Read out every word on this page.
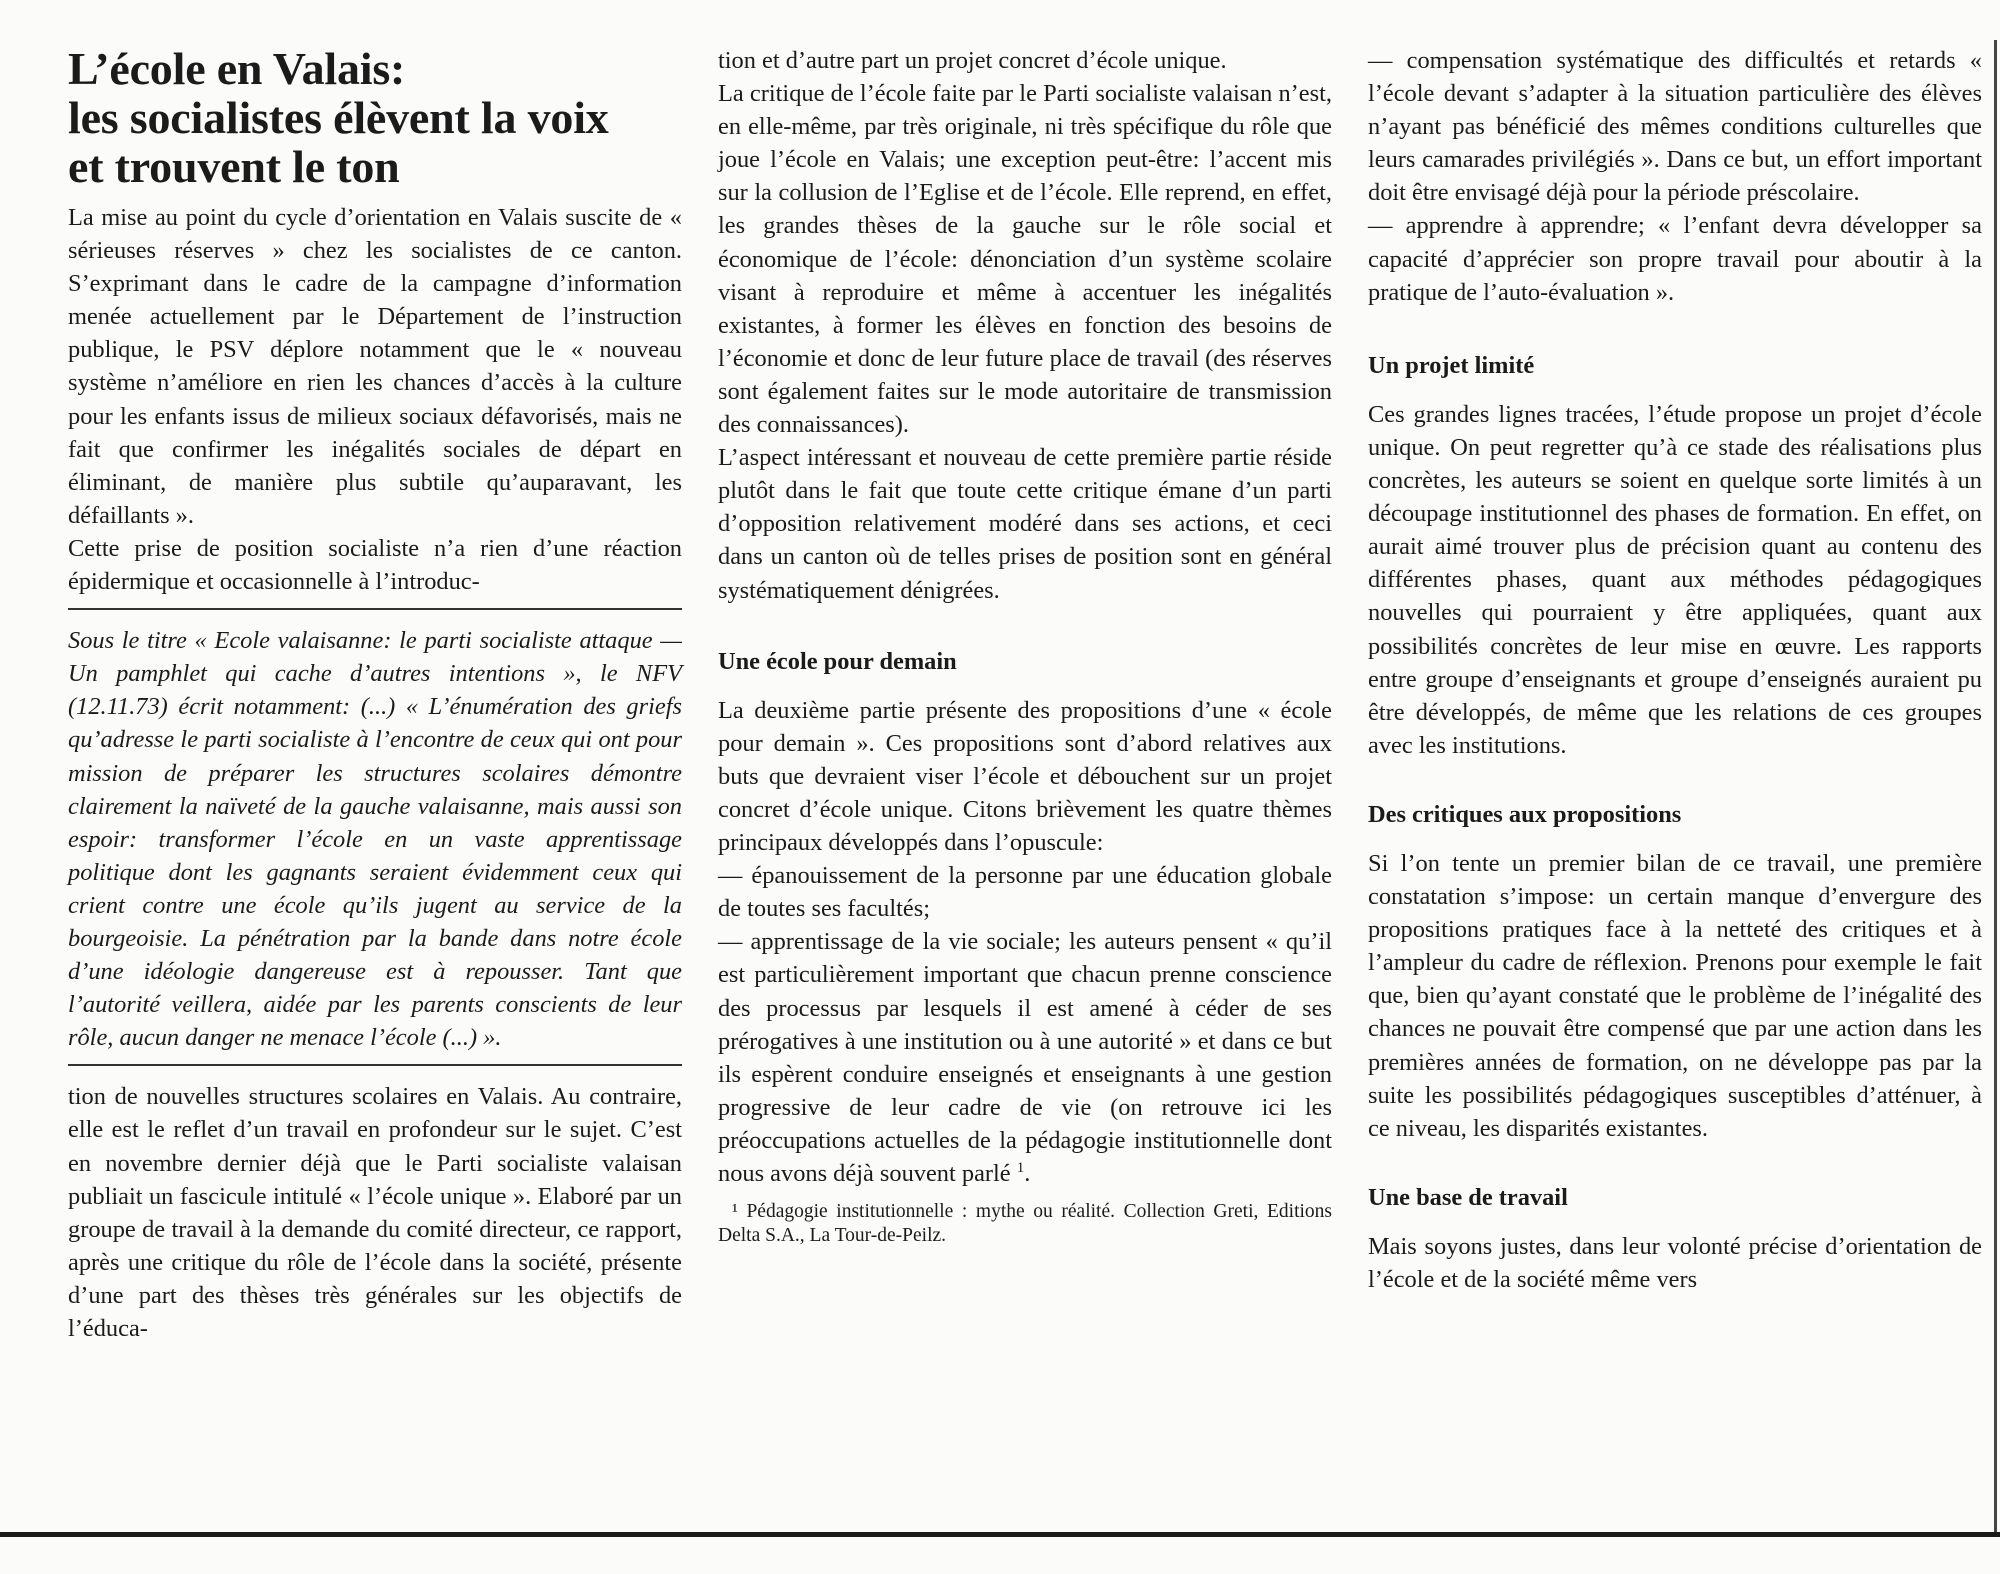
L’école en Valais:
les socialistes élèvent la voix
et trouvent le ton

La mise au point du cycle d’orientation en Valais suscite de « sérieuses réserves » chez les socialistes de ce canton. S’exprimant dans le cadre de la campagne d’information menée actuellement par le Département de l’instruction publique, le PSV déplore notamment que le « nouveau système n’améliore en rien les chances d’accès à la culture pour les enfants issus de milieux sociaux défavorisés, mais ne fait que confirmer les inégalités sociales de départ en éliminant, de manière plus subtile qu’auparavant, les défaillants ».

Cette prise de position socialiste n’a rien d’une réaction épidermique et occasionnelle à l’introduc-

Sous le titre « Ecole valaisanne: le parti socialiste attaque — Un pamphlet qui cache d’autres intentions », le NFV (12.11.73) écrit notamment: (...) « L’énumération des griefs qu’adresse le parti socialiste à l’encontre de ceux qui ont pour mission de préparer les structures scolaires démontre clairement la naïveté de la gauche valaisanne, mais aussi son espoir: transformer l’école en un vaste apprentissage politique dont les gagnants seraient évidemment ceux qui crient contre une école qu’ils jugent au service de la bourgeoisie. La pénétration par la bande dans notre école d’une idéologie dangereuse est à repousser. Tant que l’autorité veillera, aidée par les parents conscients de leur rôle, aucun danger ne menace l’école (...) ».

tion de nouvelles structures scolaires en Valais. Au contraire, elle est le reflet d’un travail en profondeur sur le sujet. C’est en novembre dernier déjà que le Parti socialiste valaisan publiait un fascicule intitulé « l’école unique ». Elaboré par un groupe de travail à la demande du comité directeur, ce rapport, après une critique du rôle de l’école dans la société, présente d’une part des thèses très générales sur les objectifs de l’éduca-

tion et d’autre part un projet concret d’école unique.

La critique de l’école faite par le Parti socialiste valaisan n’est, en elle-même, par très originale, ni très spécifique du rôle que joue l’école en Valais; une exception peut-être: l’accent mis sur la collusion de l’Eglise et de l’école. Elle reprend, en effet, les grandes thèses de la gauche sur le rôle social et économique de l’école: dénonciation d’un système scolaire visant à reproduire et même à accentuer les inégalités existantes, à former les élèves en fonction des besoins de l’économie et donc de leur future place de travail (des réserves sont également faites sur le mode autoritaire de transmission des connaissances).

L’aspect intéressant et nouveau de cette première partie réside plutôt dans le fait que toute cette critique émane d’un parti d’opposition relativement modéré dans ses actions, et ceci dans un canton où de telles prises de position sont en général systématiquement dénigrées.

Une école pour demain

La deuxième partie présente des propositions d’une « école pour demain ». Ces propositions sont d’abord relatives aux buts que devraient viser l’école et débouchent sur un projet concret d’école unique. Citons brièvement les quatre thèmes principaux développés dans l’opuscule:

— épanouissement de la personne par une éducation globale de toutes ses facultés;

— apprentissage de la vie sociale; les auteurs pensent « qu’il est particulièrement important que chacun prenne conscience des processus par lesquels il est amené à céder de ses prérogatives à une institution ou à une autorité » et dans ce but ils espèrent conduire enseignés et enseignants à une gestion progressive de leur cadre de vie (on retrouve ici les préoccupations actuelles de la pédagogie institutionnelle dont nous avons déjà souvent parlé $^1$.

¹ Pédagogie institutionnelle : mythe ou réalité. Collection Greti, Editions Delta S.A., La Tour-de-Peilz.

— compensation systématique des difficultés et retards « l’école devant s’adapter à la situation particulière des élèves n’ayant pas bénéficié des mêmes conditions culturelles que leurs camarades privilégiés ». Dans ce but, un effort important doit être envisagé déjà pour la période préscolaire.

— apprendre à apprendre; « l’enfant devra développer sa capacité d’apprécier son propre travail pour aboutir à la pratique de l’auto-évaluation ».

Un projet limité

Ces grandes lignes tracées, l’étude propose un projet d’école unique. On peut regretter qu’à ce stade des réalisations plus concrètes, les auteurs se soient en quelque sorte limités à un découpage institutionnel des phases de formation. En effet, on aurait aimé trouver plus de précision quant au contenu des différentes phases, quant aux méthodes pédagogiques nouvelles qui pourraient y être appliquées, quant aux possibilités concrètes de leur mise en œuvre. Les rapports entre groupe d’enseignants et groupe d’enseignés auraient pu être développés, de même que les relations de ces groupes avec les institutions.

Des critiques aux propositions

Si l’on tente un premier bilan de ce travail, une première constatation s’impose: un certain manque d’envergure des propositions pratiques face à la netteté des critiques et à l’ampleur du cadre de réflexion. Prenons pour exemple le fait que, bien qu’ayant constaté que le problème de l’inégalité des chances ne pouvait être compensé que par une action dans les premières années de formation, on ne développe pas par la suite les possibilités pédagogiques susceptibles d’atténuer, à ce niveau, les disparités existantes.

Une base de travail

Mais soyons justes, dans leur volonté précise d’orientation de l’école et de la société même vers
